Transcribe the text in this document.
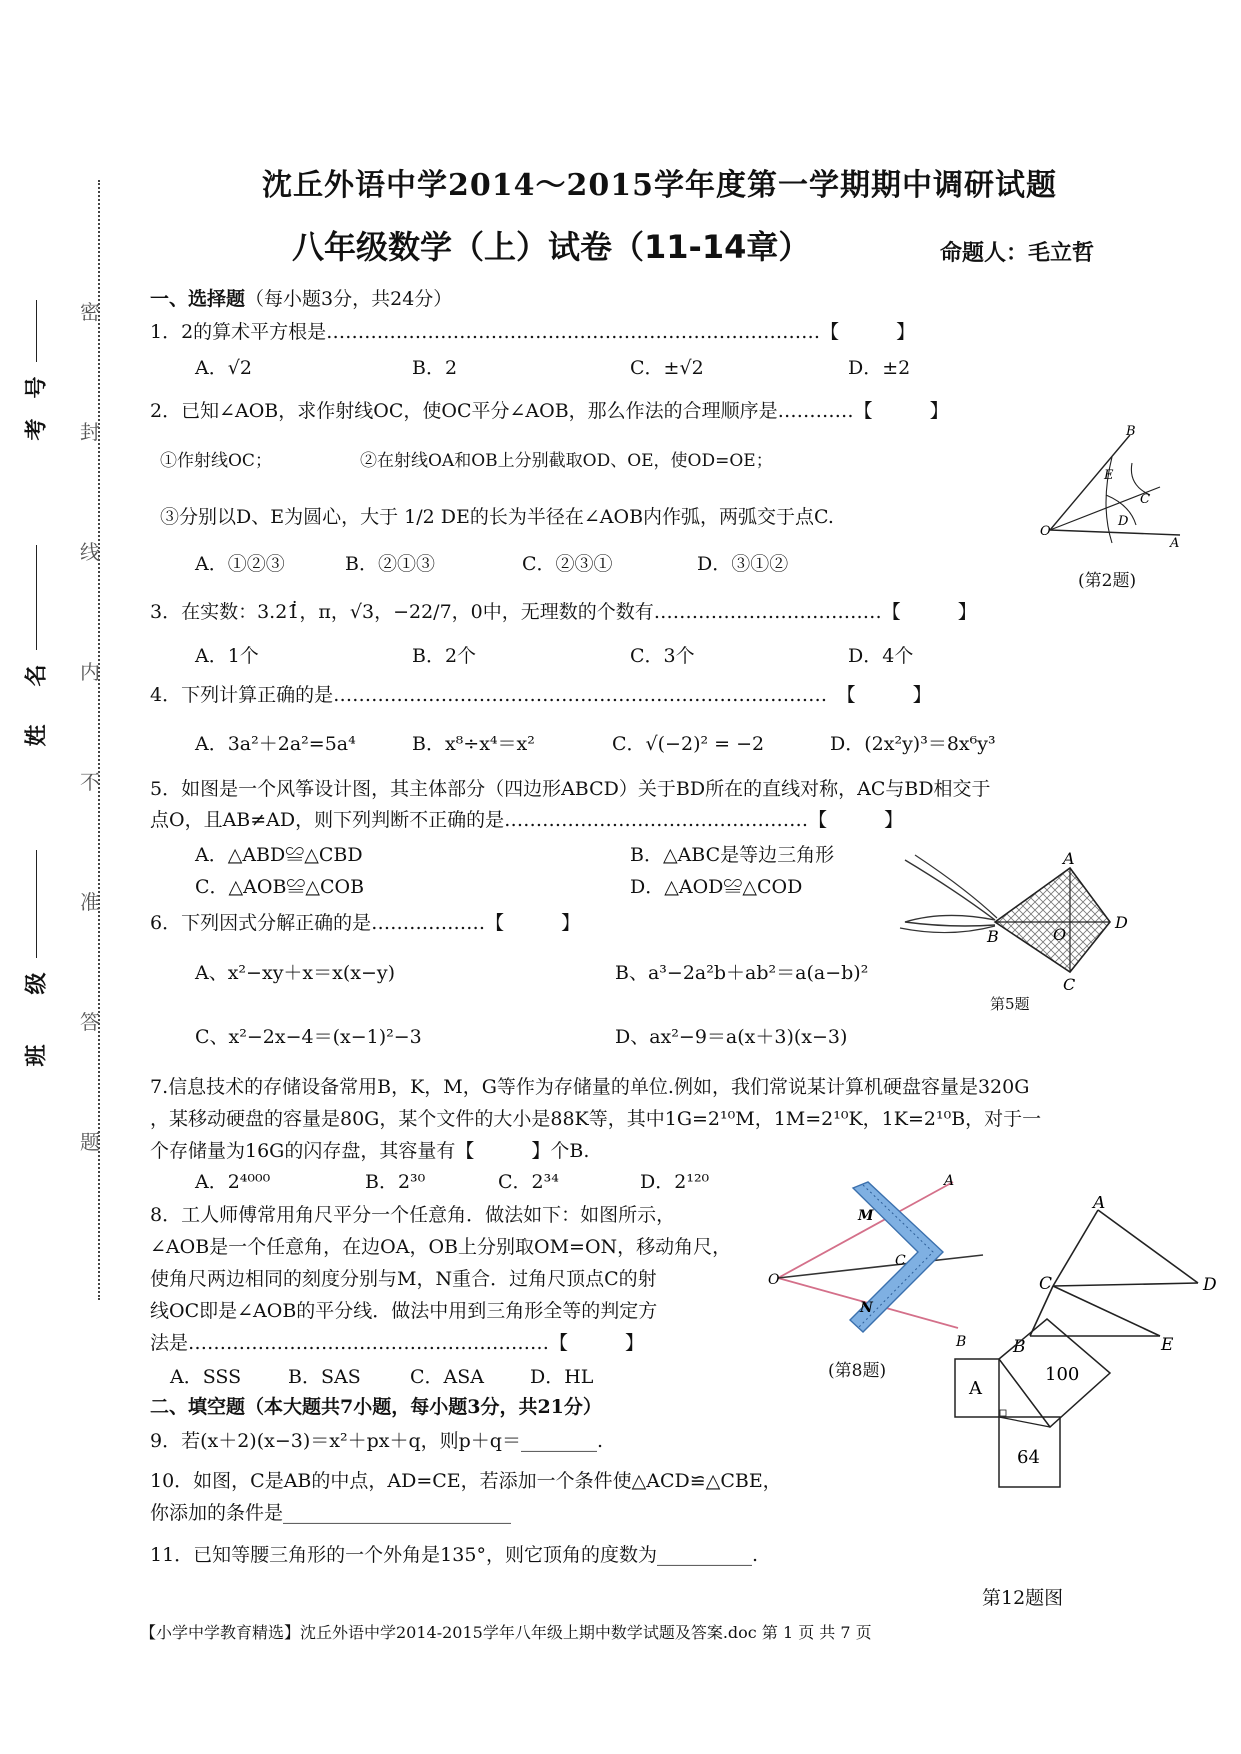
密
封
线
内
不
准
答
题
考
号
姓
名
班
级
沈丘外语中学2014～2015学年度第一学期期中调研试题
八年级数学（上）试卷（11-14章）	命题人：毛立哲
一、选择题（每小题3分，共24分）
1．2的算术平方根是……………………………………………………………………【　　　】
A．√2	B．2	C．±√2	D．±2
2．已知∠AOB，求作射线OC，使OC平分∠AOB，那么作法的合理顺序是…………【　　　】
①作射线OC；	②在射线OA和OB上分别截取OD、OE，使OD=OE；
③分别以D、E为圆心，大于 1/2 DE的长为半径在∠AOB内作弧，两弧交于点C.
A．①②③	B．②①③	C．②③①	D．③①②
O
B
A
E
C
D
(第2题)
3．在实数：3.21̇̇，π，√3，−22/7，0中，无理数的个数有………………………………【　　　】
A．1个	B．2个	C．3个	D．4个
4．下列计算正确的是……………………………………………………………………　【　　　】
A．3a²＋2a²=5a⁴	B．x⁸÷x⁴＝x²	C．√(−2)² = −2	D．(2x²y)³＝8x⁶y³
5．如图是一个风筝设计图，其主体部分（四边形ABCD）关于BD所在的直线对称，AC与BD相交于
点O，且AB≠AD，则下列判断不正确的是…………………………………………【　　　】
A．△ABD≌△CBD	B．△ABC是等边三角形
C．△AOB≌△COB	D．△AOD≌△COD
A
B
D
C
O
第5题
6．下列因式分解正确的是………………【　　　】
A、x²−xy＋x＝x(x−y)	B、a³−2a²b＋ab²＝a(a−b)²
C、x²−2x−4＝(x−1)²−3	D、ax²−9＝a(x＋3)(x−3)
7.信息技术的存储设备常用B，K，M，G等作为存储量的单位.例如，我们常说某计算机硬盘容量是320G
，某移动硬盘的容量是80G，某个文件的大小是88K等，其中1G=2¹⁰M，1M=2¹⁰K，1K=2¹⁰B，对于一
个存储量为16G的闪存盘，其容量有【　　　】个B.
A．2⁴⁰⁰⁰	B．2³⁰	C．2³⁴	D．2¹²⁰
8．工人师傅常用角尺平分一个任意角．做法如下：如图所示，
∠AOB是一个任意角，在边OA，OB上分别取OM=ON，移动角尺，
使角尺两边相同的刻度分别与M，N重合．过角尺顶点C的射
线OC即是∠AOB的平分线．做法中用到三角形全等的判定方
法是…………………………………………………【　　　】
A．SSS B．SAS	C．ASA D．HL
A
O
B
M
N
C
(第8题)
A
C	D
B	E
二、填空题（本大题共7小题，每小题3分，共21分）
9．若(x＋2)(x−3)＝x²＋px＋q，则p＋q＝________.
10．如图，C是AB的中点，AD=CE，若添加一个条件使△ACD≌△CBE，
你添加的条件是________________________
11．已知等腰三角形的一个外角是135°，则它顶角的度数为__________.
100
A
64
第12题图
【小学中学教育精选】沈丘外语中学2014-2015学年八年级上期中数学试题及答案.doc 第 1 页 共 7 页
